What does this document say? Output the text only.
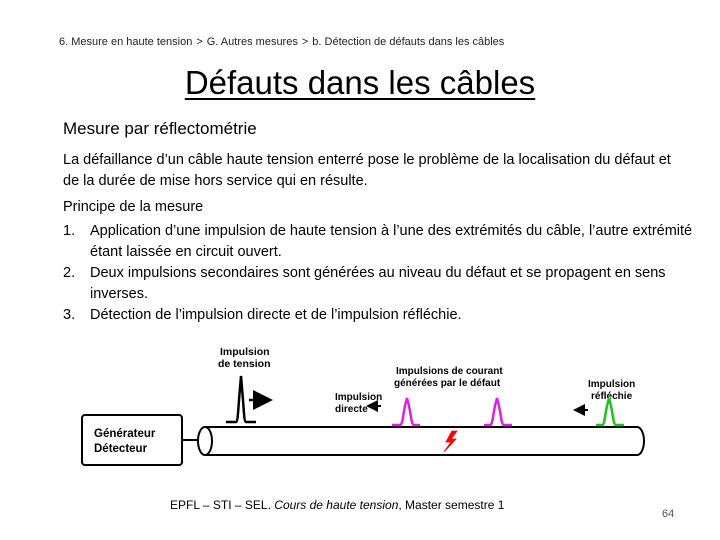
6. Mesure en haute tension > G. Autres mesures > b. Détection de défauts dans les câbles
Défauts dans les câbles
Mesure par réflectométrie
La défaillance d’un câble haute tension enterré pose le problème de la localisation du défaut et de la durée de mise hors service qui en résulte.
Principe de la mesure
1. Application d’une impulsion de haute tension à l’une des extrémités du câble, l’autre extrémité étant laissée en circuit ouvert.
2. Deux impulsions secondaires sont générées au niveau du défaut et se propagent en sens inverses.
3. Détection de l’impulsion directe et de l’impulsion réfléchie.
Générateur
Détecteur
Impulsion
de tension
Impulsions de courant
générées par le défaut
Impulsion
directe
Impulsion
réfléchie
EPFL – STI – SEL. Cours de haute tension, Master semestre 1
64
